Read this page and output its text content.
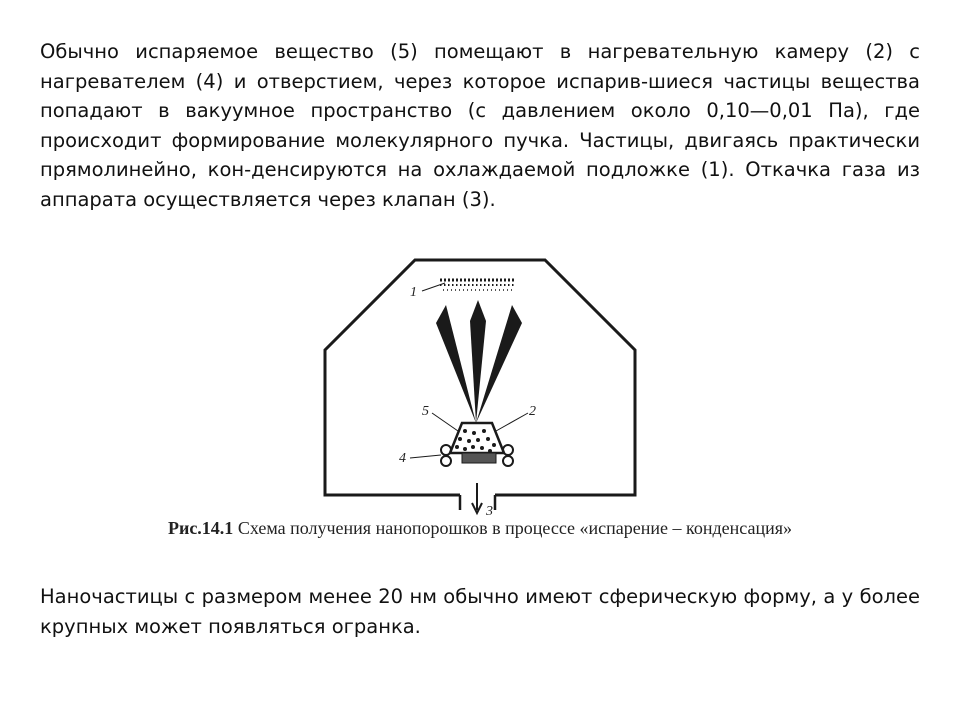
Обычно испаряемое вещество (5) помещают в нагревательную камеру (2) с нагревателем (4) и отверстием, через которое испарив-шиеся частицы вещества попадают в вакуумное пространство (с давлением около 0,10—0,01 Па), где происходит формирование молекулярного пучка. Частицы, двигаясь практически прямолинейно, кон-денсируются на охлаждаемой подложке (1). Откачка газа из аппарата осуществляется через клапан (3).

1
5	2
4
3
Рис.14.1 Схема получения нанопорошков в процессе «испарение – конденсация»

Наночастицы с размером менее 20 нм обычно имеют сферическую форму, а у более крупных может появляться огранка.
